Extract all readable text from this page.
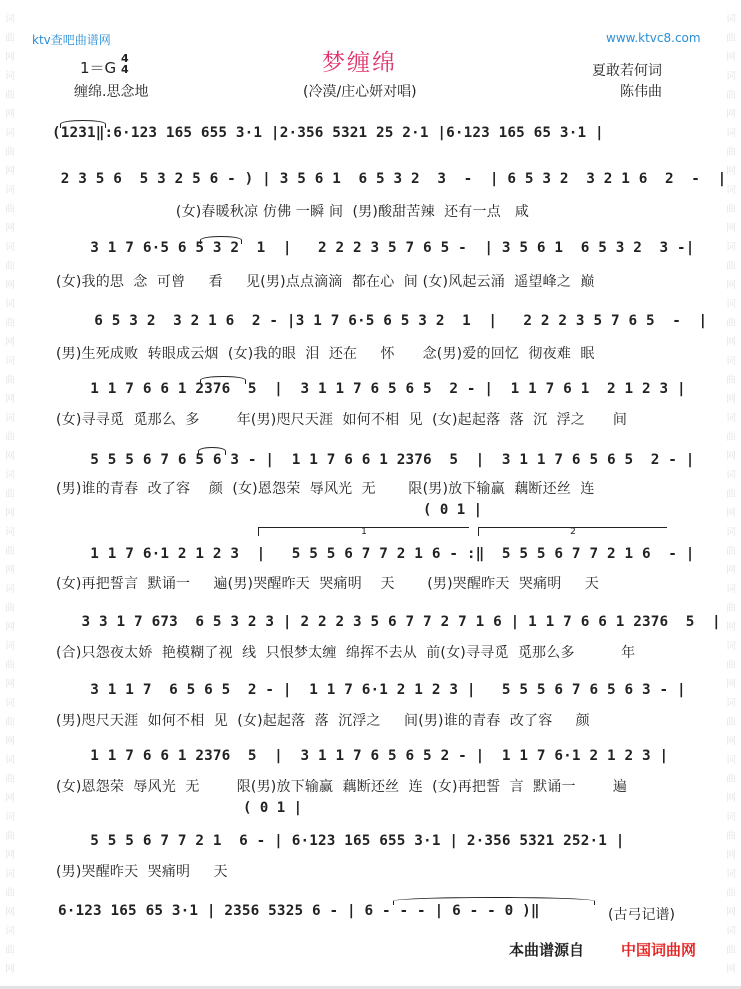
词
曲
网
词
曲
网
词
曲
网
词
曲
网
词
曲
网
词
曲
网
词
曲
网
词
曲
网
词
曲
网
词
曲
网
词
曲
网
词
曲
网
词
曲
网
词
曲
网
词
曲
网
词
曲
网
词
曲
网

词
曲
网
词
曲
网
词
曲
网
词
曲
网
词
曲
网
词
曲
网
词
曲
网
词
曲
网
词
曲
网
词
曲
网
词
曲
网
词
曲
网
词
曲
网
词
曲
网
词
曲
网
词
曲
网
词
曲
网

ktv查吧曲谱网	www.ktvc8.com
梦缠绵
1＝G
4
4
缠绵.思念地	(冷漠/庄心妍对唱)
夏敢若何词
陈伟曲
(1231‖:6·123 165 655 3·1 |2·356 5321 25 2·1 |6·123 165 65 3·1 |
2 3 5 6  5 3 2 5 6 - ) | 3 5 6 1  6 5 3 2  3  -  | 6 5 3 2  3 2 1 6  2  -  |
(女)春暖秋凉 仿佛 一瞬 间  (男)酸甜苦辣  还有一点   咸
3 1 7 6·5 6 5 3 2  1  |   2 2 2 3 5 7 6 5 -  | 3 5 6 1  6 5 3 2  3 -|
(女)我的思  念  可曾     看     见(男)点点滴滴  都在心  间 (女)风起云涌  遥望峰之  巅
6 5 3 2  3 2 1 6  2 - |3 1 7 6·5 6 5 3 2  1  |   2 2 2 3 5 7 6 5  -  |
(男)生死成败  转眼成云烟  (女)我的眼  泪  还在     怀      念(男)爱的回忆  彻夜难  眠
1 1 7 6 6 1 2376  5  |  3 1 1 7 6 5 6 5  2 - |  1 1 7 6 1  2 1 2 3 |
(女)寻寻觅  觅那么  多        年(男)咫尺天涯  如何不相  见  (女)起起落  落  沉  浮之      间
5 5 5 6 7 6 5 6 3 - |  1 1 7 6 6 1 2376  5  |  3 1 1 7 6 5 6 5  2 - |
(男)谁的青春  改了容    颜  (女)恩怨荣  辱风光  无       限(男)放下输赢  藕断还丝  连
( 0 1 |
1	2
1 1 7 6·1 2 1 2 3  |   5 5 5 6 7 7 2 1 6 - :‖  5 5 5 6 7 7 2 1 6  - |
(女)再把誓言  默诵一     遍(男)哭醒昨天  哭痛明    天       (男)哭醒昨天  哭痛明     天
3 3 1 7 673  6 5 3 2 3 | 2 2 2 3 5 6 7 7 2 7 1 6 | 1 1 7 6 6 1 2376  5  |
(合)只怨夜太娇  艳模糊了视  线  只恨梦太缠  绵挥不去从  前(女)寻寻觅  觅那么多          年
3 1 1 7  6 5 6 5  2 - |  1 1 7 6·1 2 1 2 3 |   5 5 5 6 7 6 5 6 3 - |
(男)咫尺天涯  如何不相  见  (女)起起落  落  沉浮之     间(男)谁的青春  改了容     颜
1 1 7 6 6 1 2376  5  |  3 1 1 7 6 5 6 5 2 - |  1 1 7 6·1 2 1 2 3 |
(女)恩怨荣  辱风光  无        限(男)放下输赢  藕断还丝  连  (女)再把誓  言  默诵一        遍
( 0 1 |
5 5 5 6 7 7 2 1  6 - | 6·123 165 655 3·1 | 2·356 5321 252·1 |
(男)哭醒昨天  哭痛明     天
6·123 165 65 3·1 | 2356 5325 6 - | 6 - - - | 6 - - 0 )‖	(古弓记谱)
本曲谱源自 中国词曲网
